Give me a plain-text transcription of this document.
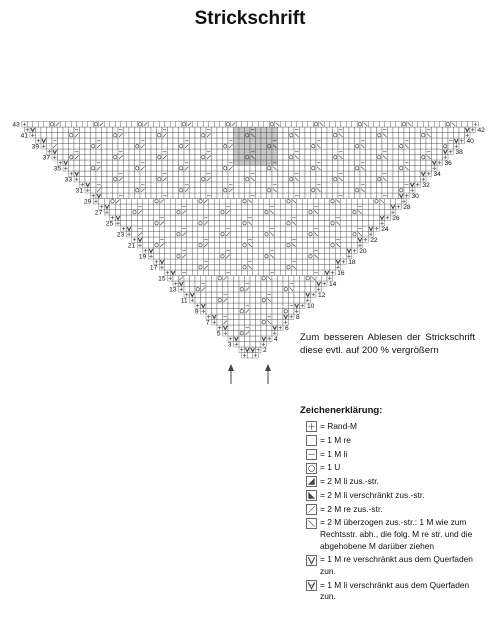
2
3
4
5
6
7
8
9
10
11
12
13
14
15
16
17
18
19
20
21
22
23
24
25
26
27
28
29
30
31
32
33
34
35
36
37
38
39
40
41
42
43
Strickschrift
Zum besseren Ablesen der Strickschrift diese evtl. auf 200 % vergrößern
Zeichenerklärung:
= Rand-M
= 1 M re
= 1 M li
= 1 U
= 2 M li zus.-str.
= 2 M li verschränkt zus.-str.
= 2 M re zus.-str.
= 2 M überzogen zus.-str.: 1 M wie zum Rechtsstr. abh., die folg. M re str. und die abgehobene M darüber ziehen
= 1 M re verschränkt aus dem Querfaden zun.
= 1 M li verschränkt aus dem Querfaden zun.
